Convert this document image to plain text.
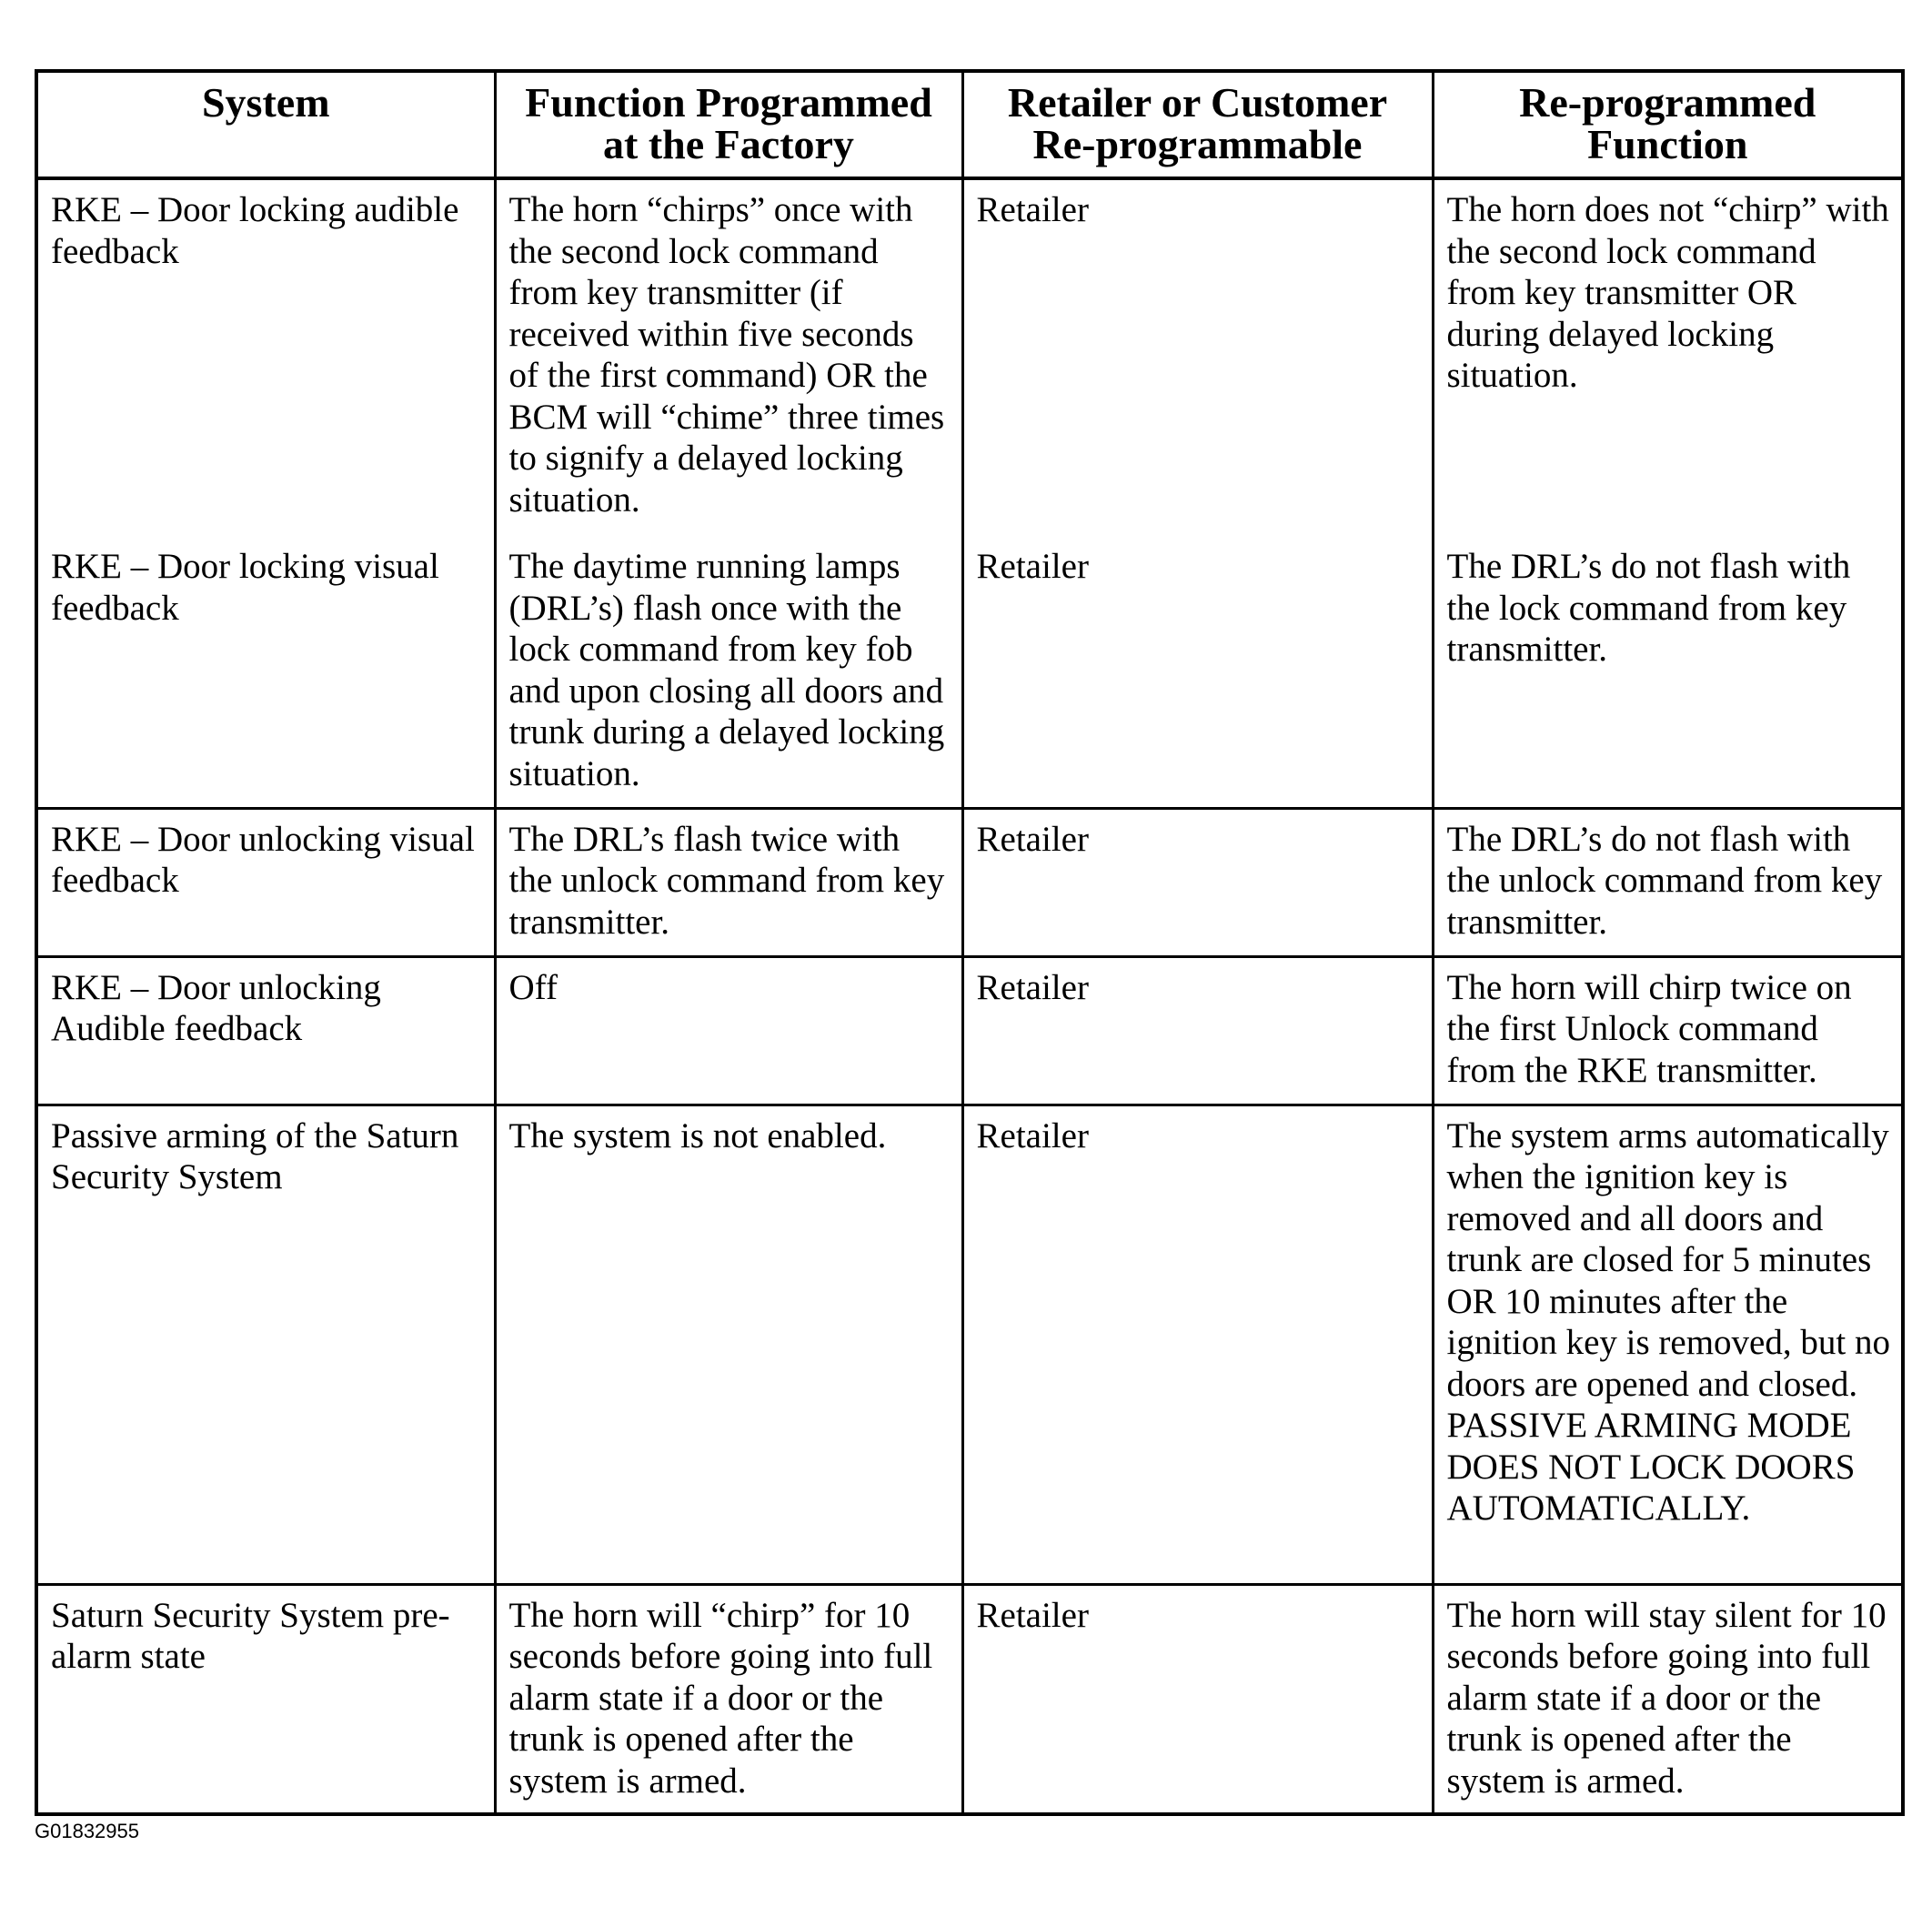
System	Function Programmed at the Factory	Retailer or Customer Re-programmable	Re-programmed Function
RKE – Door locking audible feedback	The horn “chirps” once with the second lock command from key transmitter (if received within five seconds of the first command) OR the BCM will “chime” three times to signify a delayed locking situation.	Retailer	The horn does not “chirp” with the second lock command from key transmitter OR during delayed locking situation.
RKE – Door locking visual feedback	The daytime running lamps (DRL’s) flash once with the lock command from key fob and upon closing all doors and trunk during a delayed locking situation.	Retailer	The DRL’s do not flash with the lock command from key transmitter.
RKE – Door unlocking visual feedback	The DRL’s flash twice with the unlock command from key transmitter.	Retailer	The DRL’s do not flash with the unlock command from key transmitter.
RKE – Door unlocking Audible feedback	Off	Retailer	The horn will chirp twice on the first Unlock command from the RKE transmitter.
Passive arming of the Saturn Security System	The system is not enabled.	Retailer	The system arms automatically when the ignition key is removed and all doors and trunk are closed for 5 minutes OR 10 minutes after the ignition key is removed, but no doors are opened and closed. PASSIVE ARMING MODE DOES NOT LOCK DOORS AUTOMATICALLY.
Saturn Security System pre-alarm state	The horn will “chirp” for 10 seconds before going into full alarm state if a door or the trunk is opened after the system is armed.	Retailer	The horn will stay silent for 10 seconds before going into full alarm state if a door or the trunk is opened after the system is armed.
G01832955
